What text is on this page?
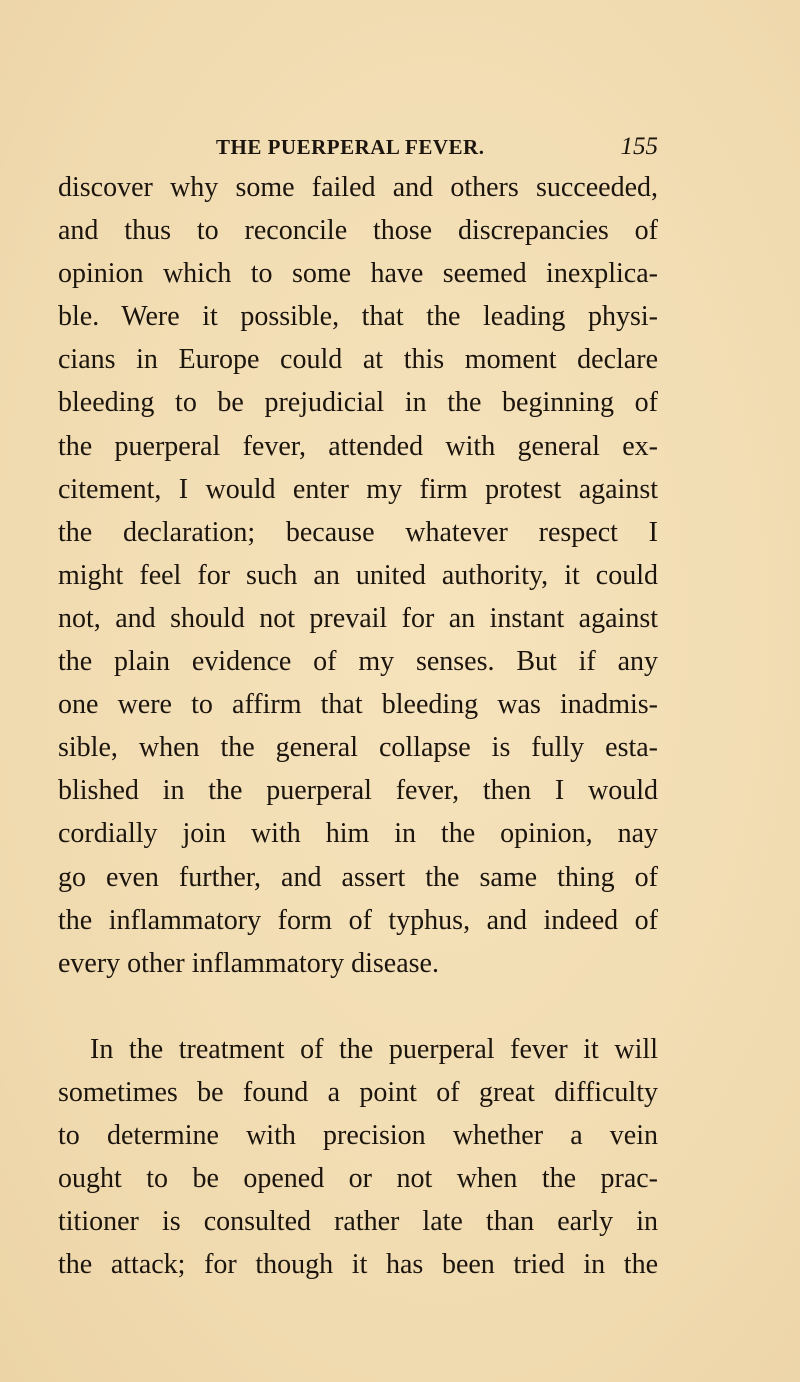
THE PUERPERAL FEVER.	155
discover why some failed and others succeeded,
and thus to reconcile those discrepancies of
opinion which to some have seemed inexplica-
ble. Were it possible, that the leading physi-
cians in Europe could at this moment declare
bleeding to be prejudicial in the beginning of
the puerperal fever, attended with general ex-
citement, I would enter my firm protest against
the declaration; because whatever respect I
might feel for such an united authority, it could
not, and should not prevail for an instant against
the plain evidence of my senses. But if any
one were to affirm that bleeding was inadmis-
sible, when the general collapse is fully esta-
blished in the puerperal fever, then I would
cordially join with him in the opinion, nay
go even further, and assert the same thing of
the inflammatory form of typhus, and indeed of
every other inflammatory disease.
In the treatment of the puerperal fever it will
sometimes be found a point of great difficulty
to determine with precision whether a vein
ought to be opened or not when the prac-
titioner is consulted rather late than early in
the attack; for though it has been tried in the
